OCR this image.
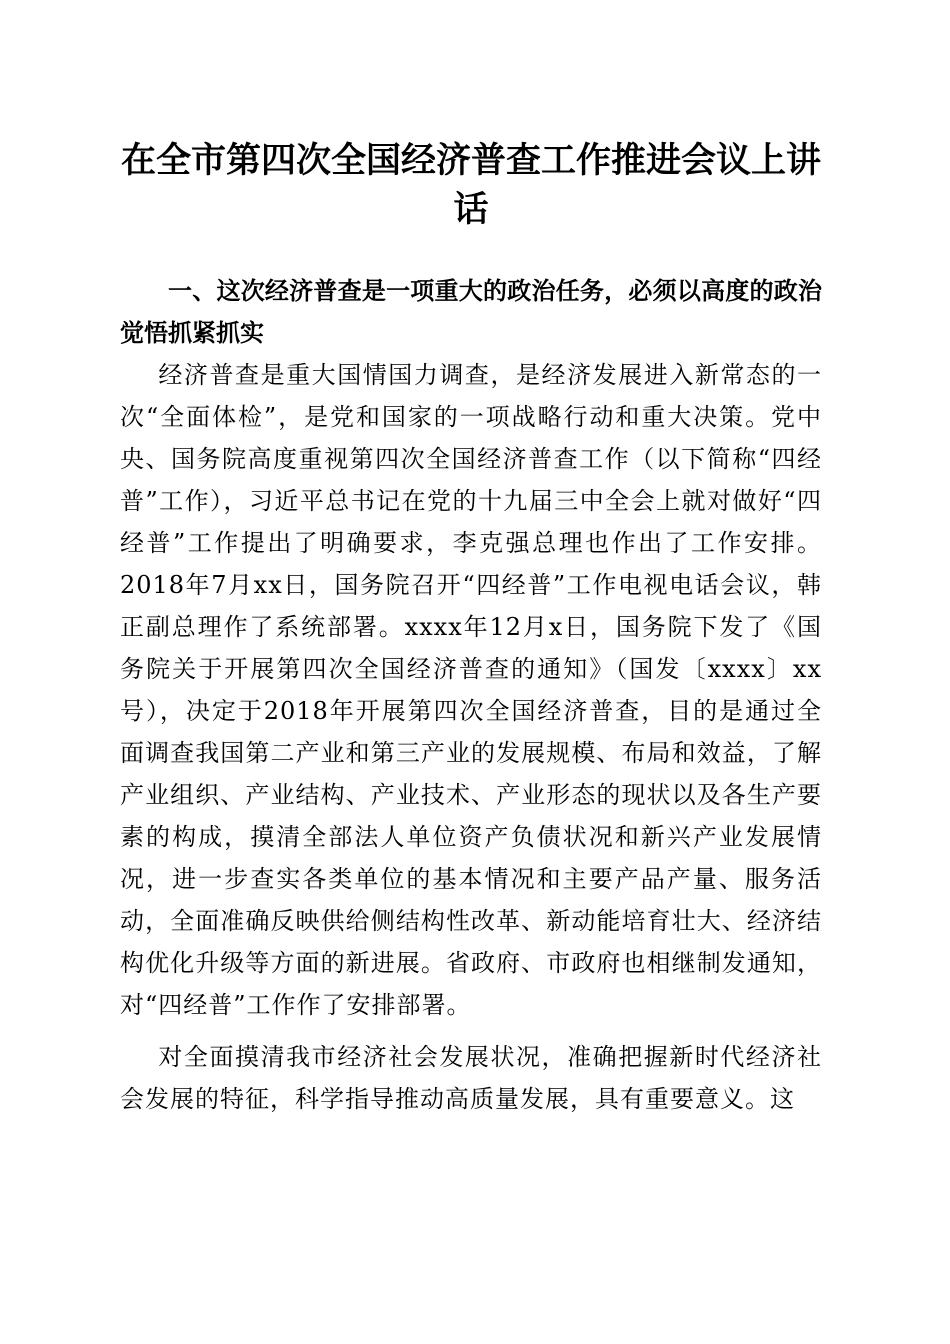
在全市第四次全国经济普查工作推进会议上讲话
一、这次经济普查是一项重大的政治任务，必须以高度的政治觉悟抓紧抓实

经济普查是重大国情国力调查，是经济发展进入新常态的一次“全面体检”，是党和国家的一项战略行动和重大决策。党中央、国务院高度重视第四次全国经济普查工作（以下简称“四经普”工作），习近平总书记在党的十九届三中全会上就对做好“四经普”工作提出了明确要求，李克强总理也作出了工作安排。2018年7月xx日，国务院召开“四经普”工作电视电话会议，韩正副总理作了系统部署。xxxx年12月x日，国务院下发了《国务院关于开展第四次全国经济普查的通知》（国发〔xxxx〕xx号），决定于2018年开展第四次全国经济普查，目的是通过全面调查我国第二产业和第三产业的发展规模、布局和效益，了解产业组织、产业结构、产业技术、产业形态的现状以及各生产要素的构成，摸清全部法人单位资产负债状况和新兴产业发展情况，进一步查实各类单位的基本情况和主要产品产量、服务活动，全面准确反映供给侧结构性改革、新动能培育壮大、经济结构优化升级等方面的新进展。省政府、市政府也相继制发通知，对“四经普”工作作了安排部署。

对全面摸清我市经济社会发展状况，准确把握新时代经济社会发展的特征，科学指导推动高质量发展，具有重要意义。这
